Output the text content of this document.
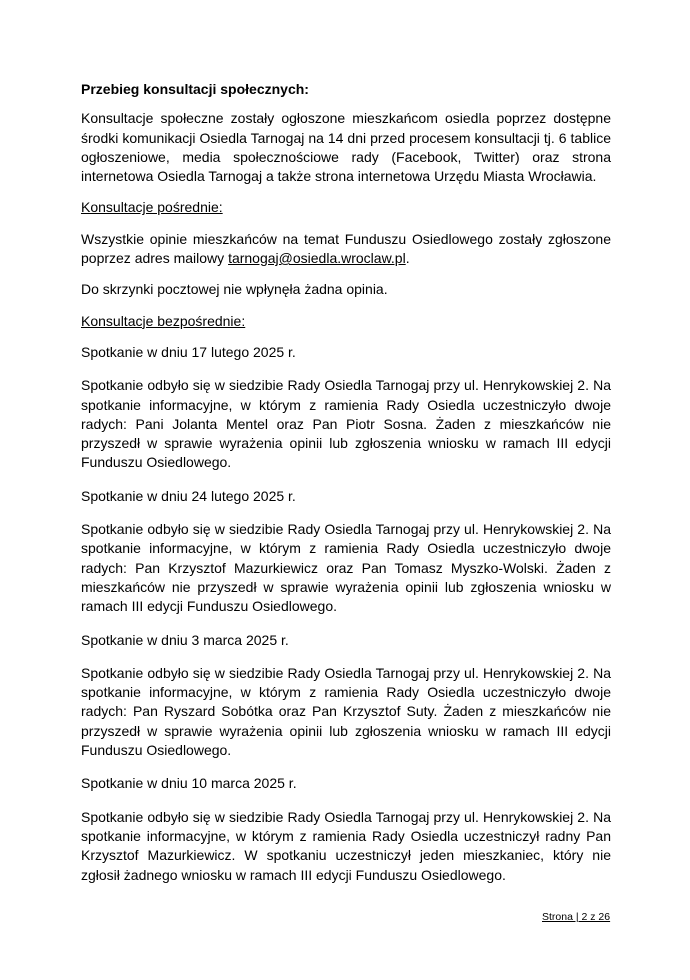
Przebieg konsultacji społecznych:

Konsultacje społeczne zostały ogłoszone mieszkańcom osiedla poprzez dostępne środki komunikacji Osiedla Tarnogaj na 14 dni przed procesem konsultacji tj. 6 tablice ogłoszeniowe, media społecznościowe rady (Facebook, Twitter) oraz strona internetowa Osiedla Tarnogaj a także strona internetowa Urzędu Miasta Wrocławia.

Konsultacje pośrednie:

Wszystkie opinie mieszkańców na temat Funduszu Osiedlowego zostały zgłoszone poprzez adres mailowy tarnogaj@osiedla.wroclaw.pl.

Do skrzynki pocztowej nie wpłynęła żadna opinia.

Konsultacje bezpośrednie:

Spotkanie w dniu 17 lutego 2025 r.

Spotkanie odbyło się w siedzibie Rady Osiedla Tarnogaj przy ul. Henrykowskiej 2. Na spotkanie informacyjne, w którym z ramienia Rady Osiedla uczestniczyło dwoje radych: Pani Jolanta Mentel oraz Pan Piotr Sosna. Żaden z mieszkańców nie przyszedł w sprawie wyrażenia opinii lub zgłoszenia wniosku w ramach III edycji Funduszu Osiedlowego.

Spotkanie w dniu 24 lutego 2025 r.

Spotkanie odbyło się w siedzibie Rady Osiedla Tarnogaj przy ul. Henrykowskiej 2. Na spotkanie informacyjne, w którym z ramienia Rady Osiedla uczestniczyło dwoje radych: Pan Krzysztof Mazurkiewicz oraz Pan Tomasz Myszko-Wolski. Żaden z mieszkańców nie przyszedł w sprawie wyrażenia opinii lub zgłoszenia wniosku w ramach III edycji Funduszu Osiedlowego.

Spotkanie w dniu 3 marca 2025 r.

Spotkanie odbyło się w siedzibie Rady Osiedla Tarnogaj przy ul. Henrykowskiej 2. Na spotkanie informacyjne, w którym z ramienia Rady Osiedla uczestniczyło dwoje radych: Pan Ryszard Sobótka oraz Pan Krzysztof Suty. Żaden z mieszkańców nie przyszedł w sprawie wyrażenia opinii lub zgłoszenia wniosku w ramach III edycji Funduszu Osiedlowego.

Spotkanie w dniu 10 marca 2025 r.

Spotkanie odbyło się w siedzibie Rady Osiedla Tarnogaj przy ul. Henrykowskiej 2. Na spotkanie informacyjne, w którym z ramienia Rady Osiedla uczestniczył radny Pan Krzysztof Mazurkiewicz. W spotkaniu uczestniczył jeden mieszkaniec, który nie zgłosił żadnego wniosku w ramach III edycji Funduszu Osiedlowego.

Strona | 2 z 26
